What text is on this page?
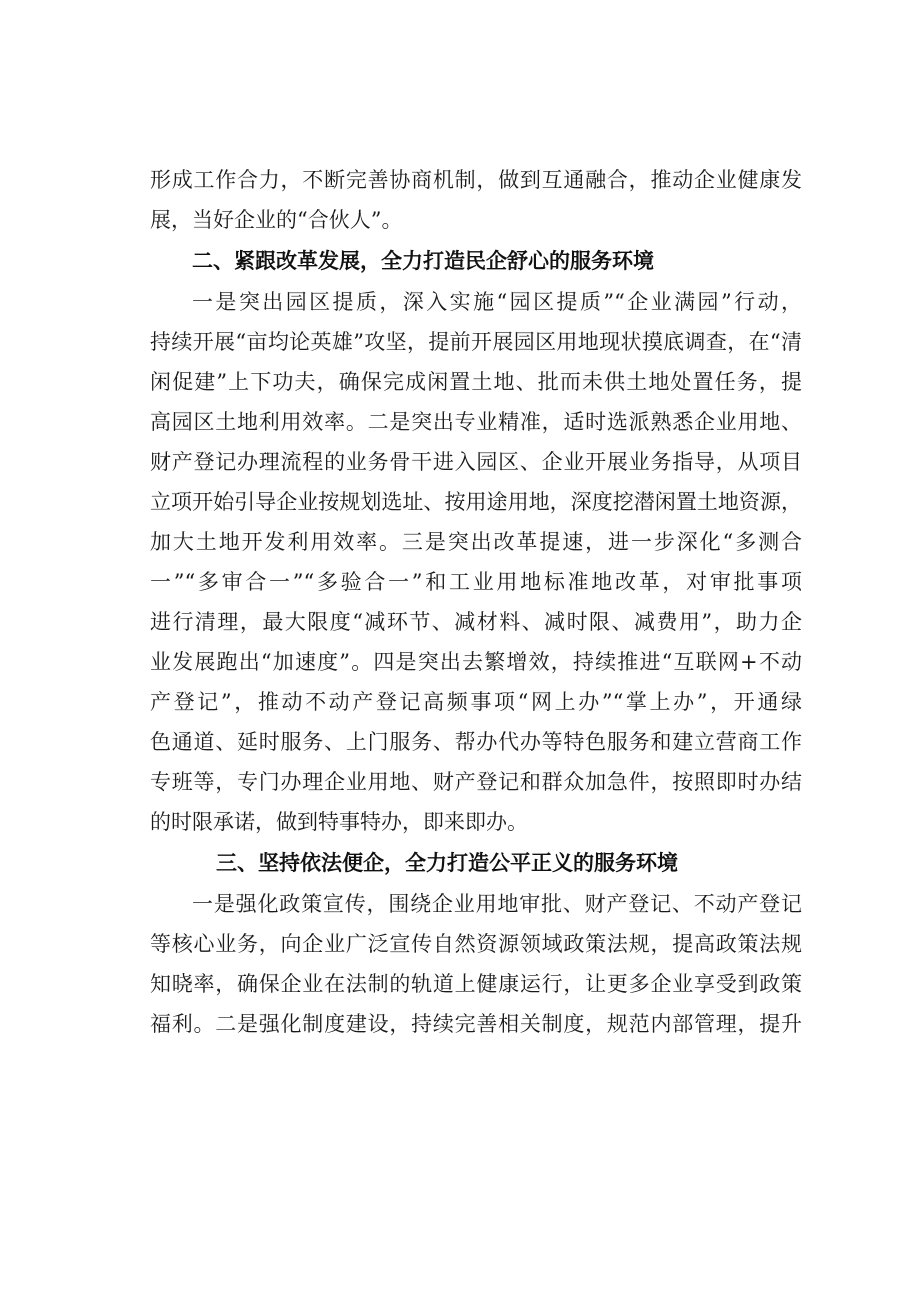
形成工作合力，不断完善协商机制，做到互通融合，推动企业健康发
展，当好企业的“合伙人”。
二、紧跟改革发展，全力打造民企舒心的服务环境
一是突出园区提质，深入实施“园区提质”“企业满园”行动，
持续开展“亩均论英雄”攻坚，提前开展园区用地现状摸底调查，在“清
闲促建”上下功夫，确保完成闲置土地、批而未供土地处置任务，提
高园区土地利用效率。二是突出专业精准，适时选派熟悉企业用地、
财产登记办理流程的业务骨干进入园区、企业开展业务指导，从项目
立项开始引导企业按规划选址、按用途用地，深度挖潜闲置土地资源，
加大土地开发利用效率。三是突出改革提速，进一步深化“多测合
一”“多审合一”“多验合一”和工业用地标准地改革，对审批事项
进行清理，最大限度“减环节、减材料、减时限、减费用”，助力企
业发展跑出“加速度”。四是突出去繁增效，持续推进“互联网+不动
产登记”，推动不动产登记高频事项“网上办”“掌上办”，开通绿
色通道、延时服务、上门服务、帮办代办等特色服务和建立营商工作
专班等，专门办理企业用地、财产登记和群众加急件，按照即时办结
的时限承诺，做到特事特办，即来即办。
三、坚持依法便企，全力打造公平正义的服务环境
一是强化政策宣传，围绕企业用地审批、财产登记、不动产登记
等核心业务，向企业广泛宣传自然资源领域政策法规，提高政策法规
知晓率，确保企业在法制的轨道上健康运行，让更多企业享受到政策
福利。二是强化制度建设，持续完善相关制度，规范内部管理，提升
